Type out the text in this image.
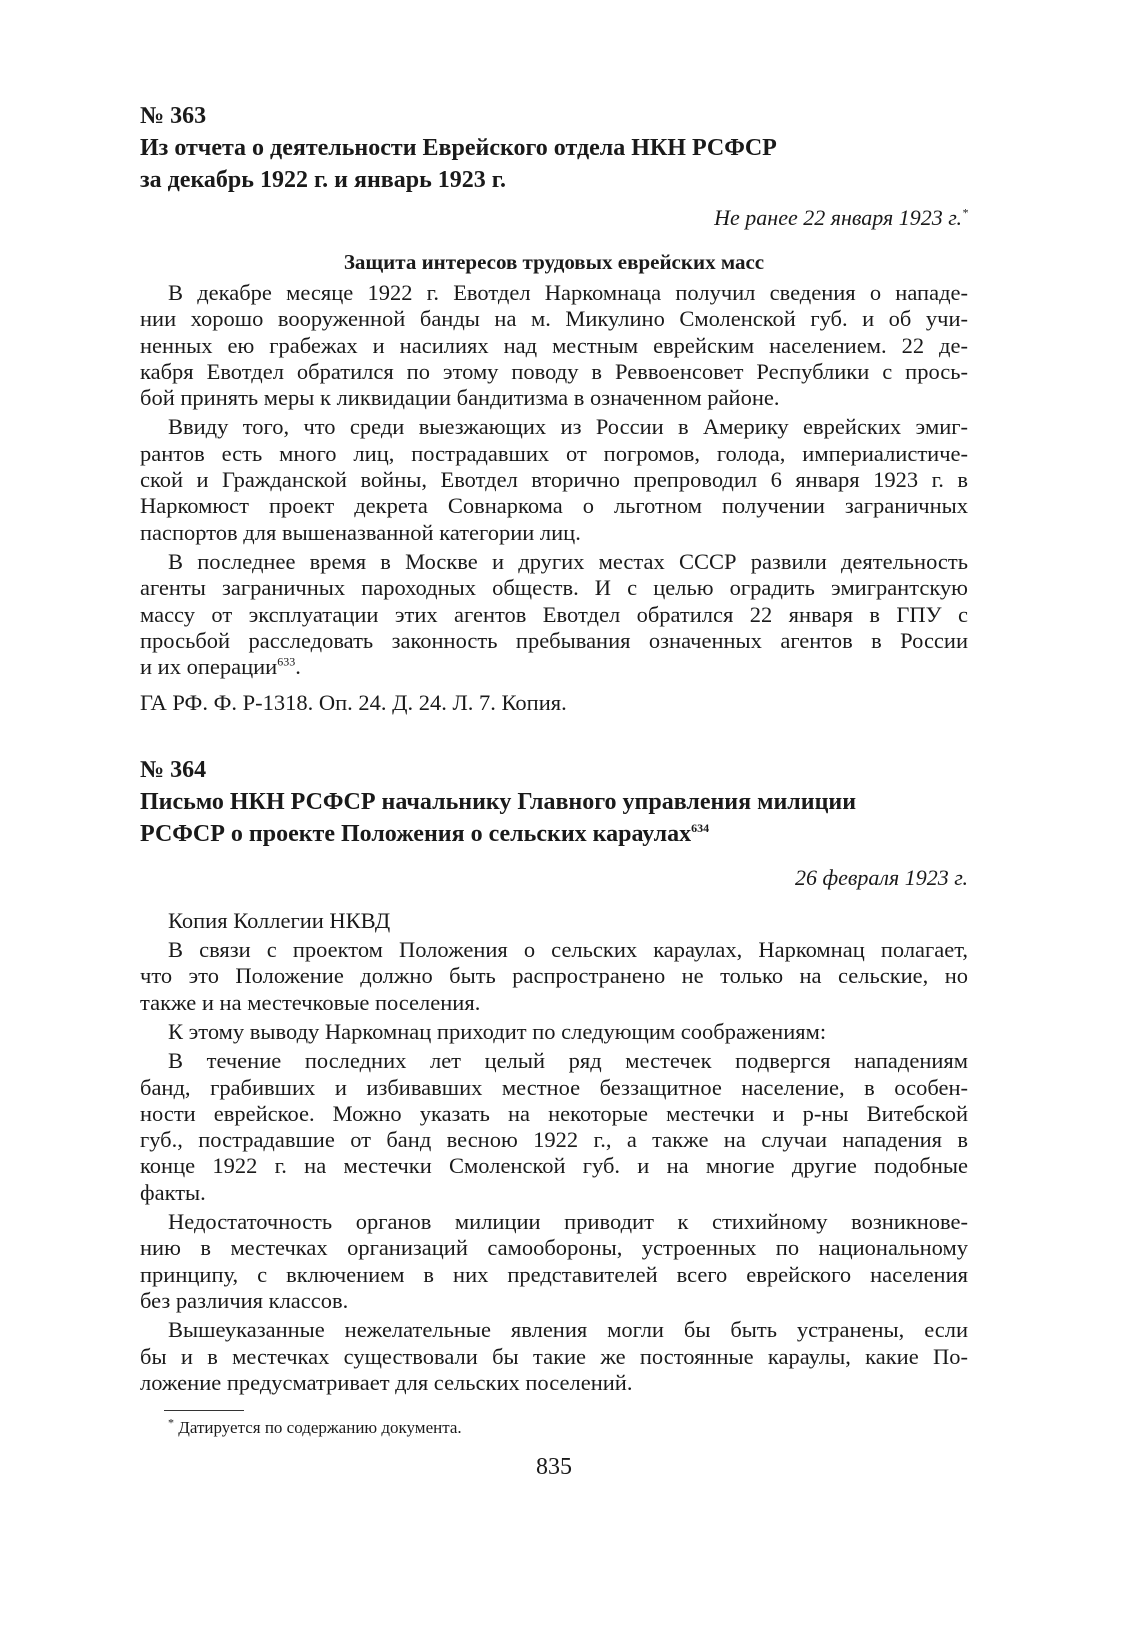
№ 363
Из отчета о деятельности Еврейского отдела НКН РСФСР
за декабрь 1922 г. и январь 1923 г.
Не ранее 22 января 1923 г.*
Защита интересов трудовых еврейских масс
В декабре месяце 1922 г. Евотдел Наркомнаца получил сведения о нападе-
нии хорошо вооруженной банды на м. Микулино Смоленской губ. и об учи-
ненных ею грабежах и насилиях над местным еврейским населением. 22 де-
кабря Евотдел обратился по этому поводу в Реввоенсовет Республики с прось-
бой принять меры к ликвидации бандитизма в означенном районе.
Ввиду того, что среди выезжающих из России в Америку еврейских эмиг-
рантов есть много лиц, пострадавших от погромов, голода, империалистиче-
ской и Гражданской войны, Евотдел вторично препроводил 6 января 1923 г. в
Наркомюст проект декрета Совнаркома о льготном получении заграничных
паспортов для вышеназванной категории лиц.
В последнее время в Москве и других местах СССР развили деятельность
агенты заграничных пароходных обществ. И с целью оградить эмигрантскую
массу от эксплуатации этих агентов Евотдел обратился 22 января в ГПУ с
просьбой расследовать законность пребывания означенных агентов в России
и их операции$^{633}$.
ГА РФ. Ф. Р-1318. Оп. 24. Д. 24. Л. 7. Копия.
№ 364
Письмо НКН РСФСР начальнику Главного управления милиции
РСФСР о проекте Положения о сельских караулах$^{634}$
26 февраля 1923 г.
Копия Коллегии НКВД
В связи с проектом Положения о сельских караулах, Наркомнац полагает,
что это Положение должно быть распространено не только на сельские, но
также и на местечковые поселения.
К этому выводу Наркомнац приходит по следующим соображениям:
В течение последних лет целый ряд местечек подвергся нападениям
банд, грабивших и избивавших местное беззащитное население, в особен-
ности еврейское. Можно указать на некоторые местечки и р-ны Витебской
губ., пострадавшие от банд весною 1922 г., а также на случаи нападения в
конце 1922 г. на местечки Смоленской губ. и на многие другие подобные
факты.
Недостаточность органов милиции приводит к стихийному возникнове-
нию в местечках организаций самообороны, устроенных по национальному
принципу, с включением в них представителей всего еврейского населения
без различия классов.
Вышеуказанные нежелательные явления могли бы быть устранены, если
бы и в местечках существовали бы такие же постоянные караулы, какие По-
ложение предусматривает для сельских поселений.
* Датируется по содержанию документа.
835
